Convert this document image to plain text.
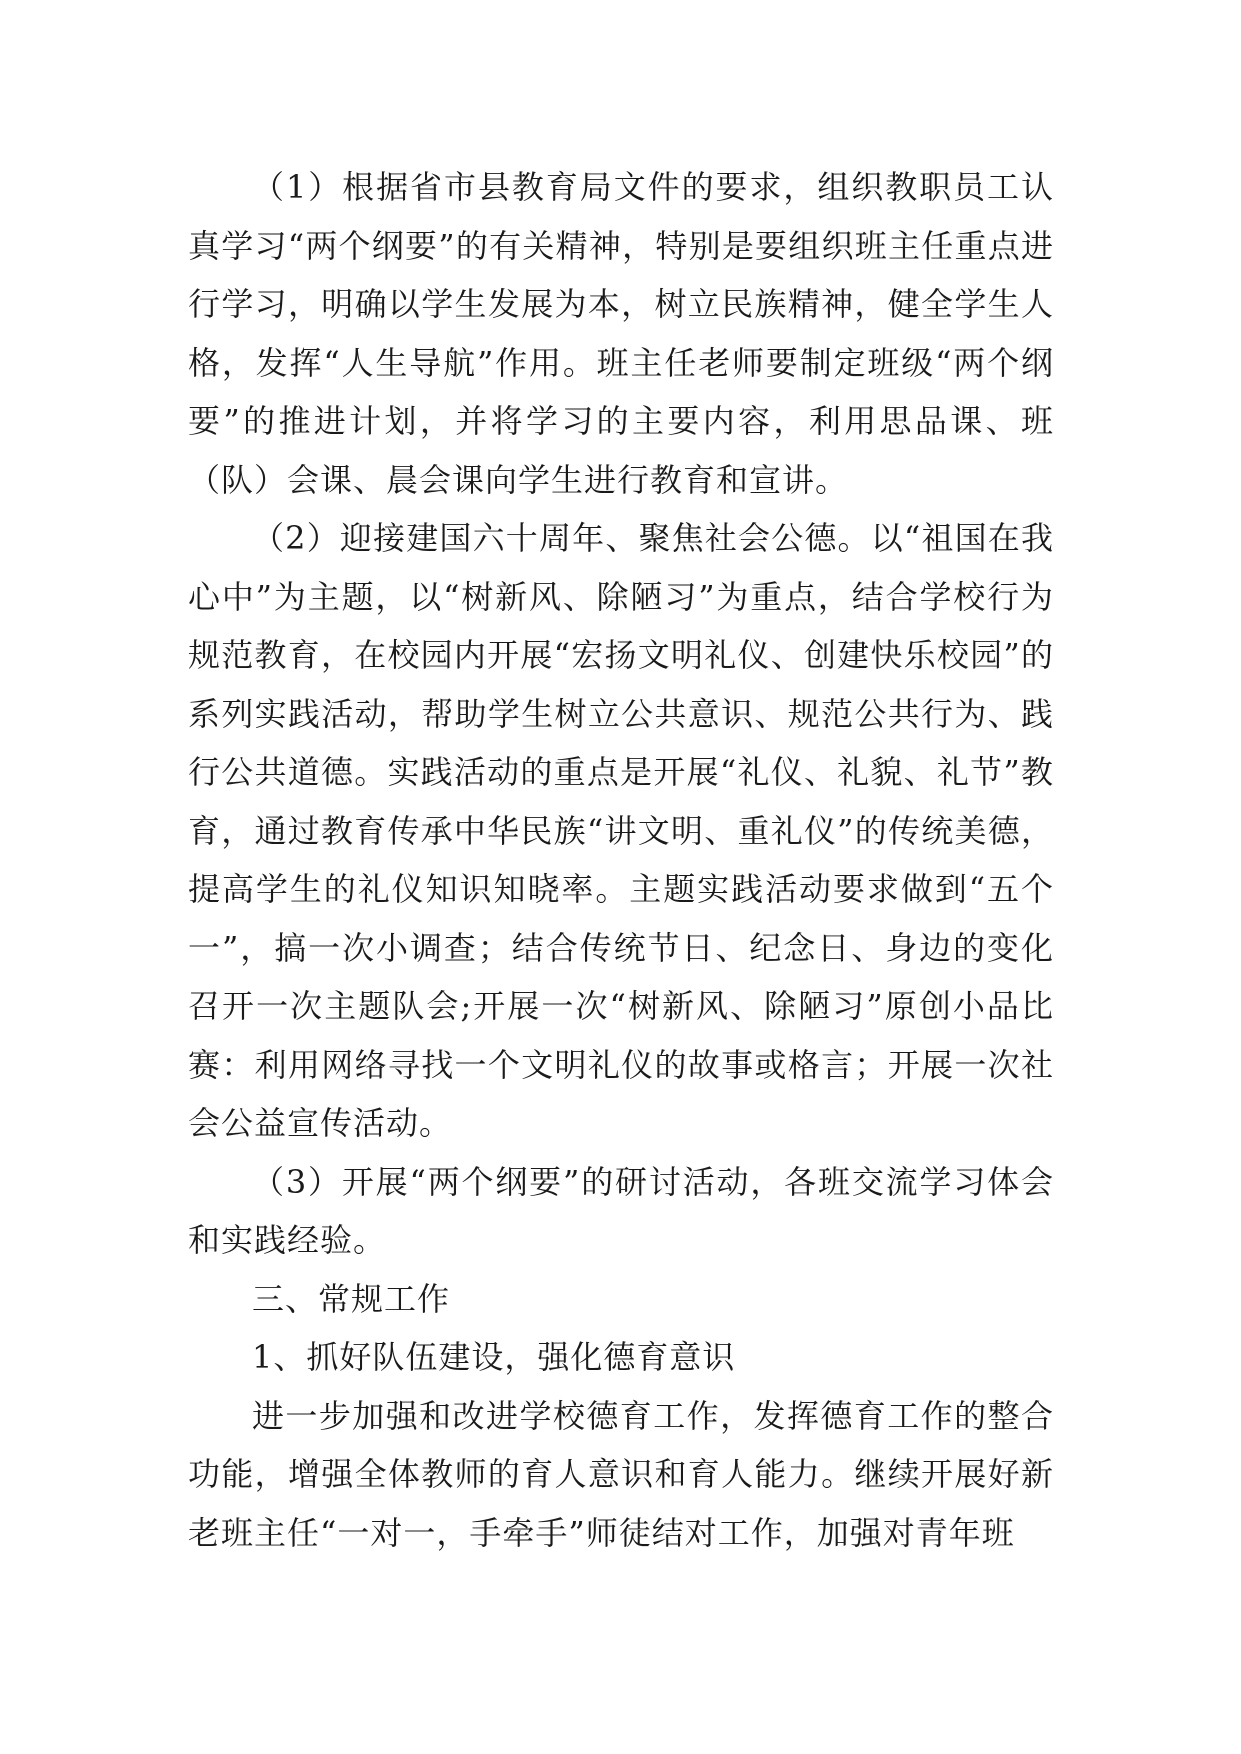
（1）根据省市县教育局文件的要求，组织教职员工认真学习“两个纲要”的有关精神，特别是要组织班主任重点进行学习，明确以学生发展为本，树立民族精神，健全学生人格，发挥“人生导航”作用。班主任老师要制定班级“两个纲要”的推进计划，并将学习的主要内容，利用思品课、班（队）会课、晨会课向学生进行教育和宣讲。

（2）迎接建国六十周年、聚焦社会公德。以“祖国在我心中”为主题，以“树新风、除陋习”为重点，结合学校行为规范教育，在校园内开展“宏扬文明礼仪、创建快乐校园”的系列实践活动，帮助学生树立公共意识、规范公共行为、践行公共道德。实践活动的重点是开展“礼仪、礼貌、礼节”教育，通过教育传承中华民族“讲文明、重礼仪”的传统美德，提高学生的礼仪知识知晓率。主题实践活动要求做到“五个一”，搞一次小调查；结合传统节日、纪念日、身边的变化召开一次主题队会;开展一次“树新风、除陋习”原创小品比赛：利用网络寻找一个文明礼仪的故事或格言；开展一次社会公益宣传活动。

（3）开展“两个纲要”的研讨活动，各班交流学习体会和实践经验。

三、常规工作

1、抓好队伍建设，强化德育意识

进一步加强和改进学校德育工作，发挥德育工作的整合功能，增强全体教师的育人意识和育人能力。继续开展好新老班主任“一对一，手牵手”师徒结对工作，加强对青年班
